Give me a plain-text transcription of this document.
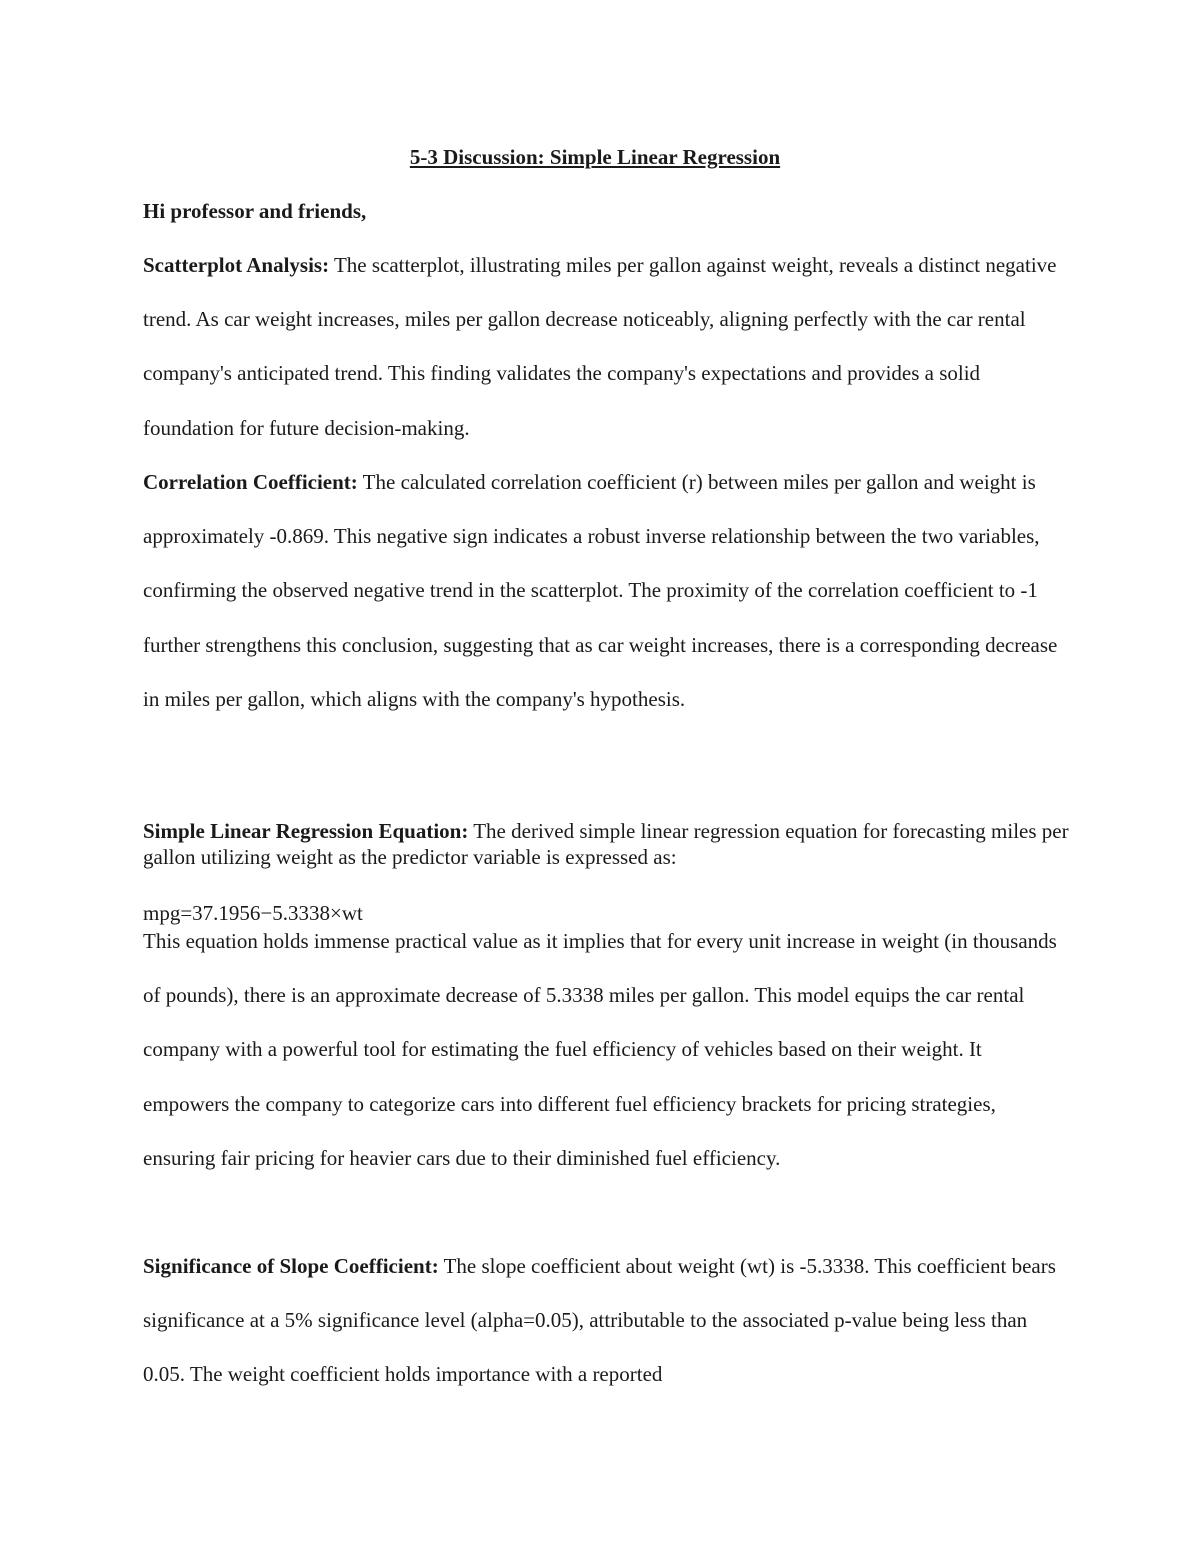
5-3 Discussion: Simple Linear Regression
Hi professor and friends,
Scatterplot Analysis: The scatterplot, illustrating miles per gallon against weight, reveals a distinct negative trend. As car weight increases, miles per gallon decrease noticeably, aligning perfectly with the car rental company's anticipated trend. This finding validates the company's expectations and provides a solid foundation for future decision-making.
Correlation Coefficient: The calculated correlation coefficient (r) between miles per gallon and weight is approximately -0.869. This negative sign indicates a robust inverse relationship between the two variables, confirming the observed negative trend in the scatterplot. The proximity of the correlation coefficient to -1 further strengthens this conclusion, suggesting that as car weight increases, there is a corresponding decrease in miles per gallon, which aligns with the company's hypothesis.
Simple Linear Regression Equation: The derived simple linear regression equation for forecasting miles per gallon utilizing weight as the predictor variable is expressed as:
mpg=37.1956−5.3338×wt
This equation holds immense practical value as it implies that for every unit increase in weight (in thousands of pounds), there is an approximate decrease of 5.3338 miles per gallon. This model equips the car rental company with a powerful tool for estimating the fuel efficiency of vehicles based on their weight. It empowers the company to categorize cars into different fuel efficiency brackets for pricing strategies, ensuring fair pricing for heavier cars due to their diminished fuel efficiency.
Significance of Slope Coefficient: The slope coefficient about weight (wt) is -5.3338. This coefficient bears significance at a 5% significance level (alpha=0.05), attributable to the associated p-value being less than 0.05. The weight coefficient holds importance with a reported
